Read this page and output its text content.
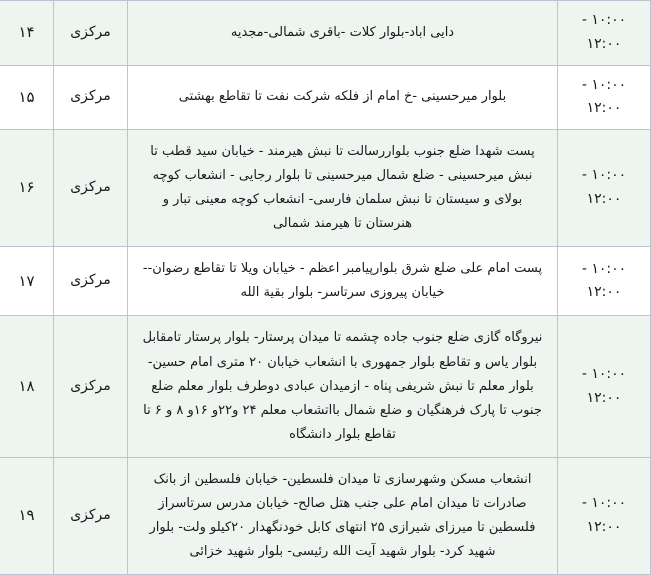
- ۱۰:۰۰
۱۲:۰۰	دایی اباد-بلوار کلات -باقری شمالی-مجدیه	مرکزی	۱۴

- ۱۰:۰۰
۱۲:۰۰	بلوار میرحسینی -خ امام از فلکه شرکت نفت تا تقاطع بهشتی	مرکزی	۱۵

- ۱۰:۰۰
۱۲:۰۰	پست شهدا ضلع جنوب بلواررسالت تا نبش هیرمند - خیابان سید قطب تا نبش میرحسینی - ضلع شمال میرحسینی تا بلوار رجایی - انشعاب کوچه بولای و سیستان تا نبش سلمان فارسی- انشعاب کوچه معینی تبار و هنرستان تا هیرمند شمالی	مرکزی	۱۶

- ۱۰:۰۰
۱۲:۰۰	پست امام علی ضلع شرق بلوارپیامبر اعظم - خیابان ویلا تا تقاطع رضوان-- خیابان پیروزی سرتاسر- بلوار بقیة الله	مرکزی	۱۷

- ۱۰:۰۰
۱۲:۰۰	نیروگاه گازی ضلع جنوب جاده چشمه تا میدان پرستار- بلوار پرستار تامقابل بلوار یاس و تقاطع بلوار جمهوری با انشعاب خیابان ۲۰ متری امام حسین-بلوار معلم تا نبش شریفی پناه - ازمیدان عبادی دوطرف بلوار معلم ضلع جنوب تا پارک فرهنگیان و ضلع شمال بااتشعاب معلم ۲۴ و۲۲و ۱۶و ۸ و ۶ تا تقاطع بلوار دانشگاه	مرکزی	۱۸

- ۱۰:۰۰
۱۲:۰۰	انشعاب مسکن وشهرسازی تا میدان فلسطین- خیابان فلسطین از بانک صادرات تا میدان امام علی جنب هتل صالح- خیابان مدرس سرتاسراز فلسطین تا میرزای شیرازی ۲۵ انتهای کابل خودنگهدار ۲۰کیلو ولت- بلوار شهید کرد- بلوار شهید آیت الله رئیسی- بلوار شهید خزائی	مرکزی	۱۹
